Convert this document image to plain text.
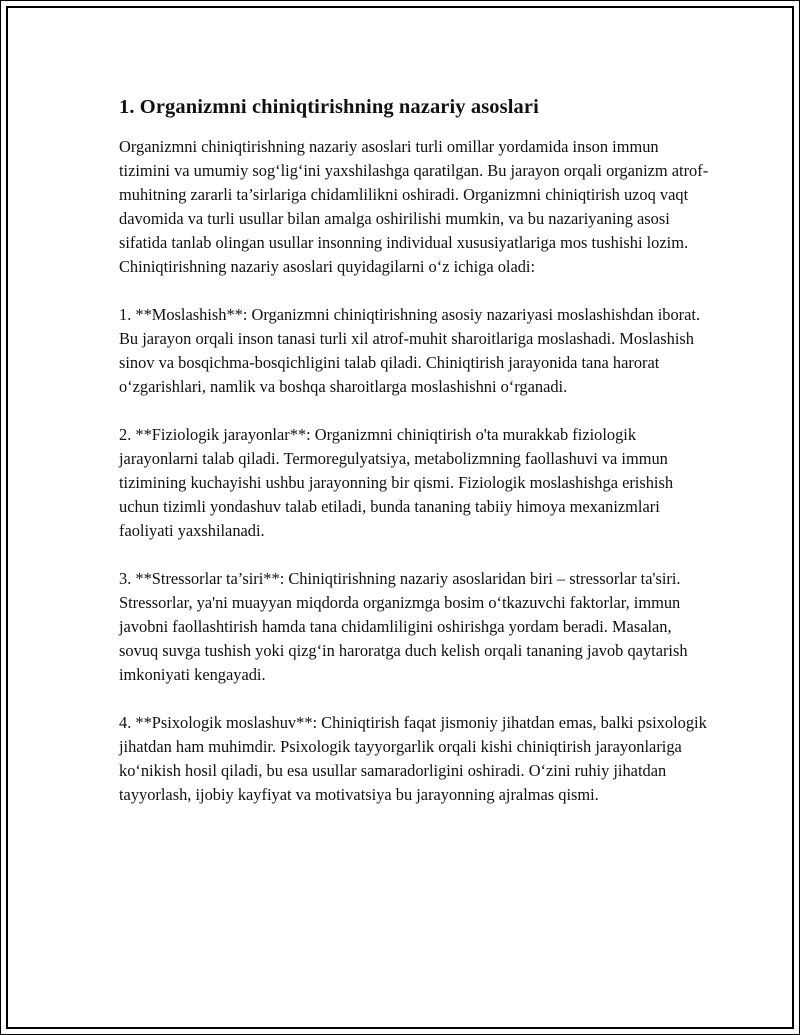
1. Organizmni chiniqtirishning nazariy asoslari

Organizmni chiniqtirishning nazariy asoslari turli omillar yordamida inson immun tizimini va umumiy sog‘lig‘ini yaxshilashga qaratilgan. Bu jarayon orqali organizm atrof-muhitning zararli ta’sirlariga chidamlilikni oshiradi. Organizmni chiniqtirish uzoq vaqt davomida va turli usullar bilan amalga oshirilishi mumkin, va bu nazariyaning asosi sifatida tanlab olingan usullar insonning individual xususiyatlariga mos tushishi lozim. Chiniqtirishning nazariy asoslari quyidagilarni o‘z ichiga oladi:

1. **Moslashish**: Organizmni chiniqtirishning asosiy nazariyasi moslashishdan iborat. Bu jarayon orqali inson tanasi turli xil atrof-muhit sharoitlariga moslashadi. Moslashish sinov va bosqichma-bosqichligini talab qiladi. Chiniqtirish jarayonida tana harorat o‘zgarishlari, namlik va boshqa sharoitlarga moslashishni o‘rganadi.

2. **Fiziologik jarayonlar**: Organizmni chiniqtirish o'ta murakkab fiziologik jarayonlarni talab qiladi. Termoregulyatsiya, metabolizmning faollashuvi va immun tizimining kuchayishi ushbu jarayonning bir qismi. Fiziologik moslashishga erishish uchun tizimli yondashuv talab etiladi, bunda tananing tabiiy himoya mexanizmlari faoliyati yaxshilanadi.

3. **Stressorlar ta’siri**: Chiniqtirishning nazariy asoslaridan biri – stressorlar ta'siri. Stressorlar, ya'ni muayyan miqdorda organizmga bosim o‘tkazuvchi faktorlar, immun javobni faollashtirish hamda tana chidamliligini oshirishga yordam beradi. Masalan, sovuq suvga tushish yoki qizg‘in haroratga duch kelish orqali tananing javob qaytarish imkoniyati kengayadi.

4. **Psixologik moslashuv**: Chiniqtirish faqat jismoniy jihatdan emas, balki psixologik jihatdan ham muhimdir. Psixologik tayyorgarlik orqali kishi chiniqtirish jarayonlariga ko‘nikish hosil qiladi, bu esa usullar samaradorligini oshiradi. O‘zini ruhiy jihatdan tayyorlash, ijobiy kayfiyat va motivatsiya bu jarayonning ajralmas qismi.
